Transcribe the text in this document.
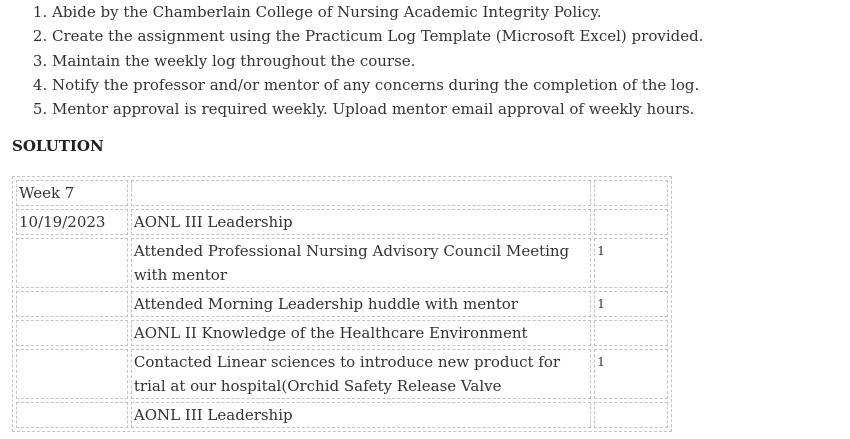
1. Abide by the Chamberlain College of Nursing Academic Integrity Policy.
2. Create the assignment using the Practicum Log Template (Microsoft Excel) provided.
3. Maintain the weekly log throughout the course.
4. Notify the professor and/or mentor of any concerns during the completion of the log.
5. Mentor approval is required weekly. Upload mentor email approval of weekly hours.

SOLUTION

Week 7		
10/19/2023	AONL III Leadership	
	Attended Professional Nursing Advisory Council Meeting with mentor	1
	Attended Morning Leadership huddle with mentor	1
	AONL II Knowledge of the Healthcare Environment	
	Contacted Linear sciences to introduce new product for trial at our hospital(Orchid Safety Release Valve	1
	AONL III Leadership	
